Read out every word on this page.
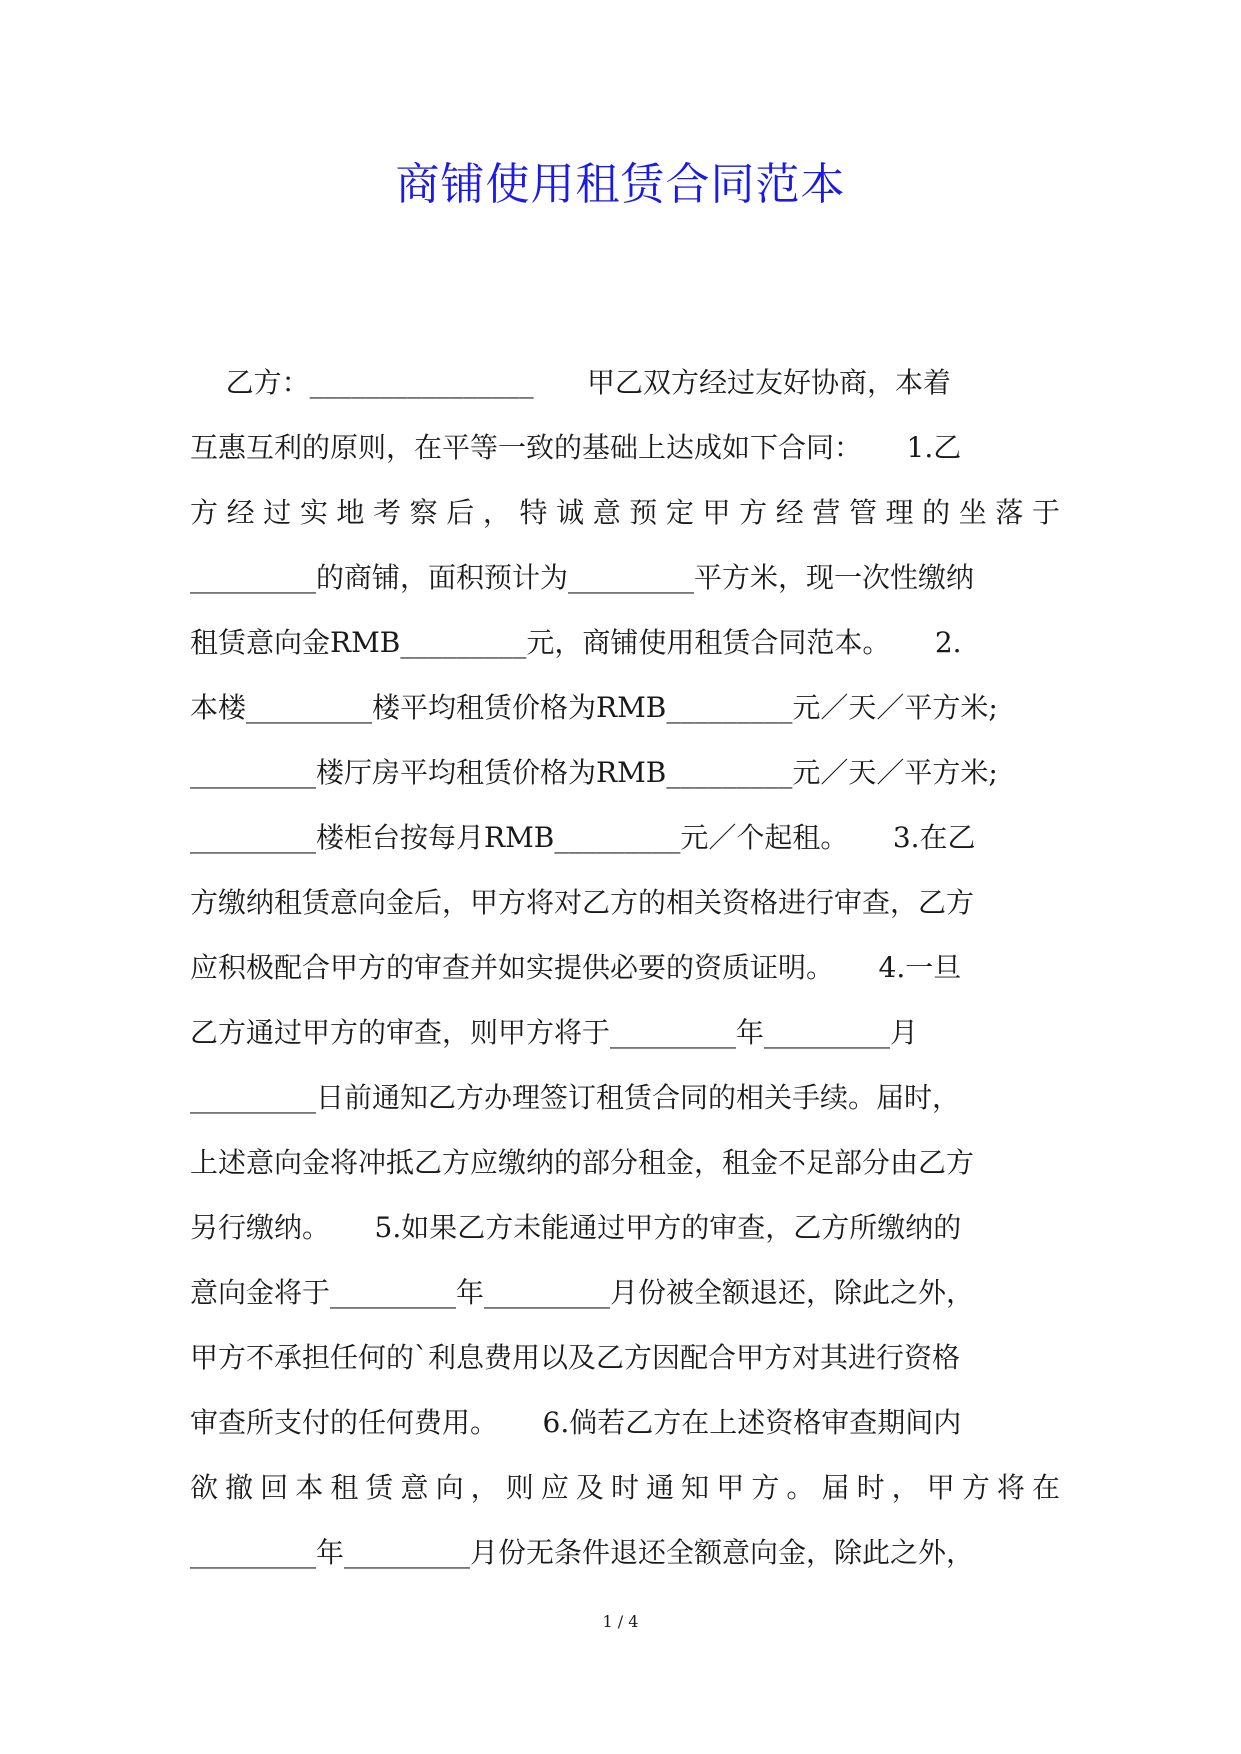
商铺使用租赁合同范本
乙方：________________      甲乙双方经过友好协商，本着
互惠互利的原则，在平等一致的基础上达成如下合同：     1.乙
方经过实地考察后，特诚意预定甲方经营管理的坐落于
_________的商铺，面积预计为_________平方米，现一次性缴纳
租赁意向金RMB_________元，商铺使用租赁合同范本。     2.
本楼_________楼平均租赁价格为RMB_________元／天／平方米;
_________楼厅房平均租赁价格为RMB_________元／天／平方米;
_________楼柜台按每月RMB_________元／个起租。     3.在乙
方缴纳租赁意向金后，甲方将对乙方的相关资格进行审查，乙方
应积极配合甲方的审查并如实提供必要的资质证明。     4.一旦
乙方通过甲方的审查，则甲方将于_________年_________月
_________日前通知乙方办理签订租赁合同的相关手续。届时，
上述意向金将冲抵乙方应缴纳的部分租金，租金不足部分由乙方
另行缴纳。     5.如果乙方未能通过甲方的审查，乙方所缴纳的
意向金将于_________年_________月份被全额退还，除此之外，
甲方不承担任何的`利息费用以及乙方因配合甲方对其进行资格
审查所支付的任何费用。     6.倘若乙方在上述资格审查期间内
欲撤回本租赁意向，则应及时通知甲方。届时，甲方将在
_________年_________月份无条件退还全额意向金，除此之外，
1 / 4
